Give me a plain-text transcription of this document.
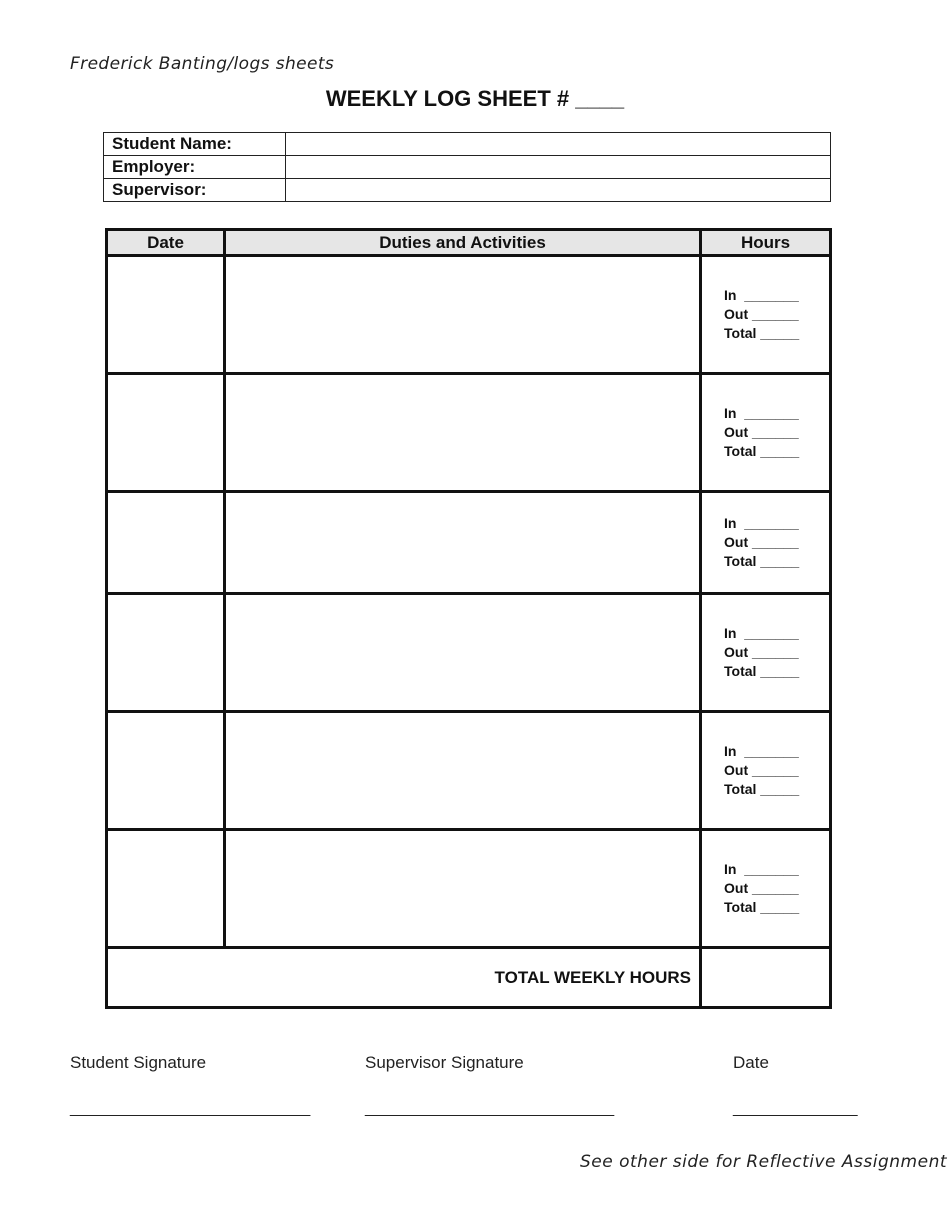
Frederick Banting/logs sheets
WEEKLY LOG SHEET # ____
Student Name:	
Employer:	
Supervisor:	
Date	Duties and Activities	Hours

		In  _______
Out ______
Total _____

		In  _______
Out ______
Total _____

		In  _______
Out ______
Total _____

		In  _______
Out ______
Total _____

		In  _______
Out ______
Total _____

		In  _______
Out ______
Total _____

TOTAL WEEKLY HOURS		
Student Signature	Supervisor Signature	Date
___________________________	____________________________	______________
See other side for Reflective Assignment
